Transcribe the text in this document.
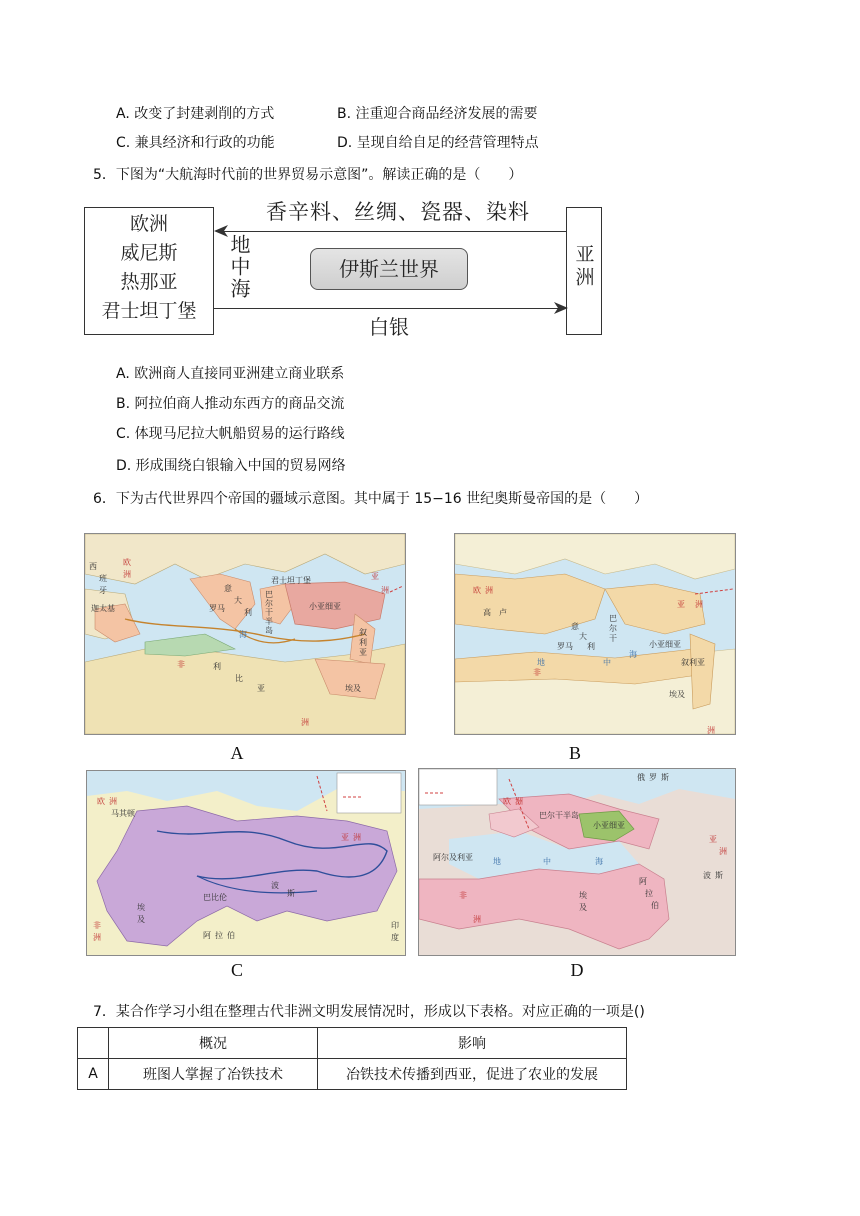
A. 改变了封建剥削的方式	B. 注重迎合商品经济发展的需要
C. 兼具经济和行政的功能	D. 呈现自给自足的经营管理特点
5．下图为“大航海时代前的世界贸易示意图”。解读正确的是（　　）
欧洲
威尼斯
热那亚
君士坦丁堡
亚洲
香辛料、丝绸、瓷器、染料
白银
地中海	伊斯兰世界
A. 欧洲商人直接同亚洲建立商业联系
B. 阿拉伯商人推动东西方的商品交流
C. 体现马尼拉大帆船贸易的运行路线
D. 形成围绕白银输入中国的贸易网络
6．下为古代世界四个帝国的疆域示意图。其中属于 15−16 世纪奥斯曼帝国的是（　　）
西
班
牙
欧
洲
君士坦丁堡
小亚细亚
罗马
意
大
利
巴
尔
干
半
岛
非	利
比
亚	埃及
亚
洲
叙
利
亚
海
洲
迦太基
A
欧 洲
高 卢
罗马
意
大
利
巴
尔
干
小亚细亚
叙利亚
埃及
非
洲
亚 洲
地	中
海
B
欧 洲
亚 洲
非
洲
巴比伦
波
斯
埃
及
阿 拉 伯
印
度
马其顿
C
俄 罗 斯
欧 洲
亚
洲
非
洲
小亚细亚
巴尔干半岛
阿尔及利亚
埃
及
阿
拉
伯
地	中	海
波 斯
D
7．某合作学习小组在整理古代非洲文明发展情况时，形成以下表格。对应正确的一项是()
	概况	影响
A	班图人掌握了冶铁技术	冶铁技术传播到西亚，促进了农业的发展
